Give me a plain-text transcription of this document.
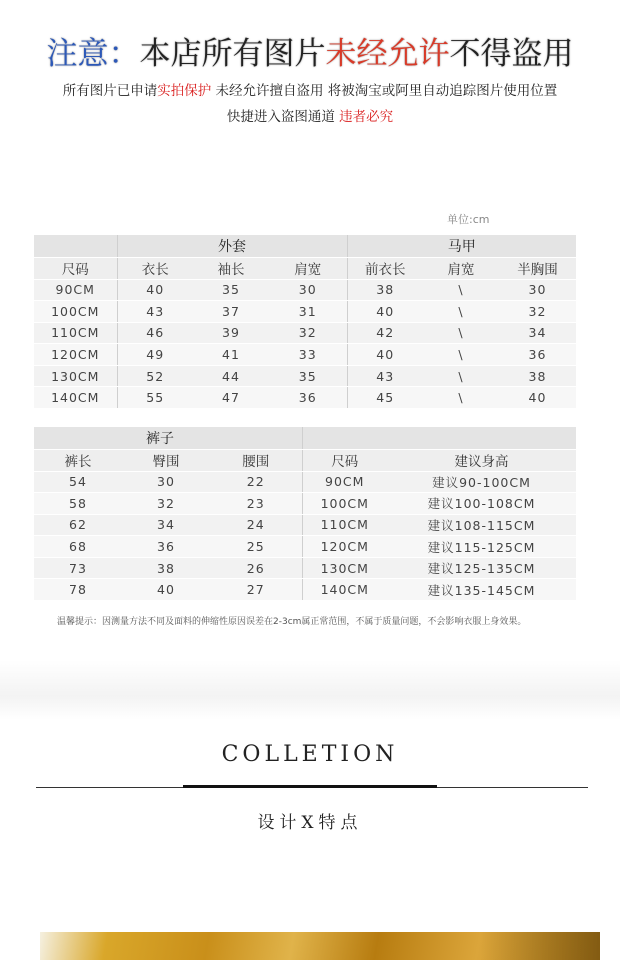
注意：本店所有图片未经允许不得盗用
所有图片已申请实拍保护 未经允许擅自盗用 将被淘宝或阿里自动追踪图片使用位置
快捷进入盗图通道 违者必究
单位:cm
	外套			马甲		
尺码	衣长	袖长	肩宽	前衣长	肩宽	半胸围
90CM	40	35	30	38	\	30
100CM	43	37	31	40	\	32
110CM	46	39	32	42	\	34
120CM	49	41	33	40	\	36
130CM	52	44	35	43	\	38
140CM	55	47	36	45	\	40
裤子				
裤长	臀围	腰围	尺码	建议身高
54	30	22	90CM	建议90-100CM
58	32	23	100CM	建议100-108CM
62	34	24	110CM	建议108-115CM
68	36	25	120CM	建议115-125CM
73	38	26	130CM	建议125-135CM
78	40	27	140CM	建议135-145CM
温馨提示：因测量方法不同及面料的伸缩性原因误差在2-3cm属正常范围，不属于质量问题，不会影响衣服上身效果。
COLLETION
设计X特点
